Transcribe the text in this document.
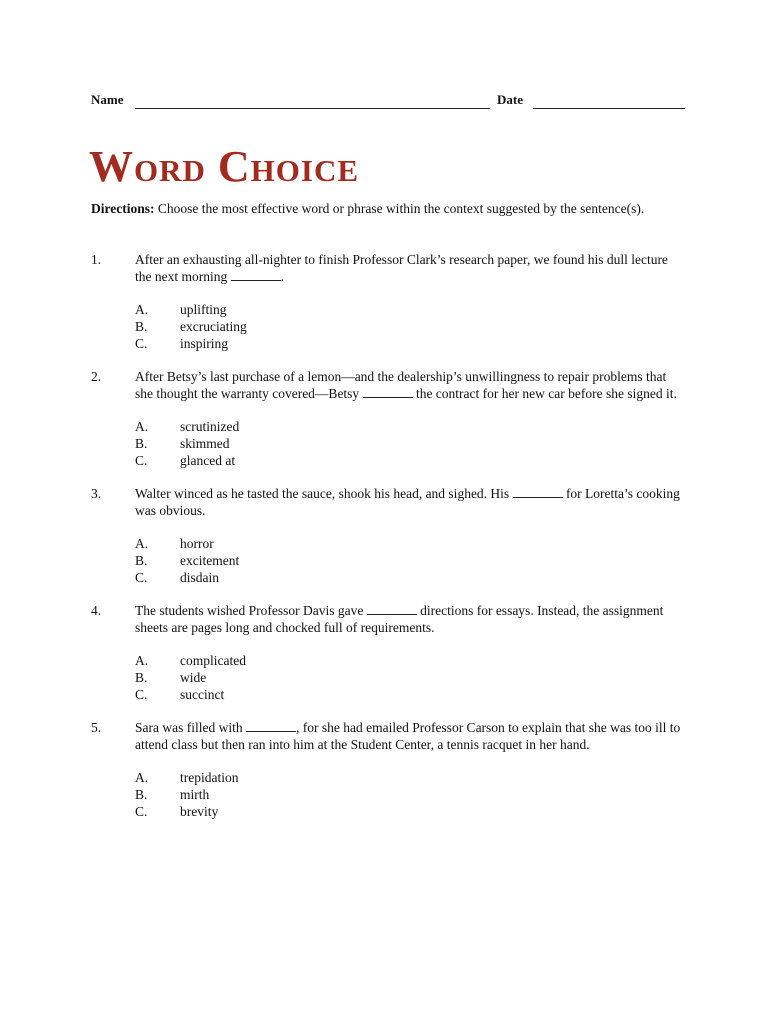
Name	Date
Word Choice
Directions: Choose the most effective word or phrase within the context suggested by the sentence(s).
1.	After an exhausting all-nighter to finish Professor Clark’s research paper, we found his dull lecture the next morning	.
A. uplifting
B. excruciating
C. inspiring
2.	After Betsy’s last purchase of a lemon—and the dealership’s unwillingness to repair problems that she thought the warranty covered—Betsy	the contract for her new car before she signed it.
A. scrutinized
B. skimmed
C. glanced at
3.	Walter winced as he tasted the sauce, shook his head, and sighed. His	for Loretta’s cooking was obvious.
A. horror
B. excitement
C. disdain
4.	The students wished Professor Davis gave	directions for essays. Instead, the assignment sheets are pages long and chocked full of requirements.
A. complicated
B. wide
C. succinct
5.	Sara was filled with	, for she had emailed Professor Carson to explain that she was too ill to attend class but then ran into him at the Student Center, a tennis racquet in her hand.
A. trepidation
B. mirth
C. brevity
